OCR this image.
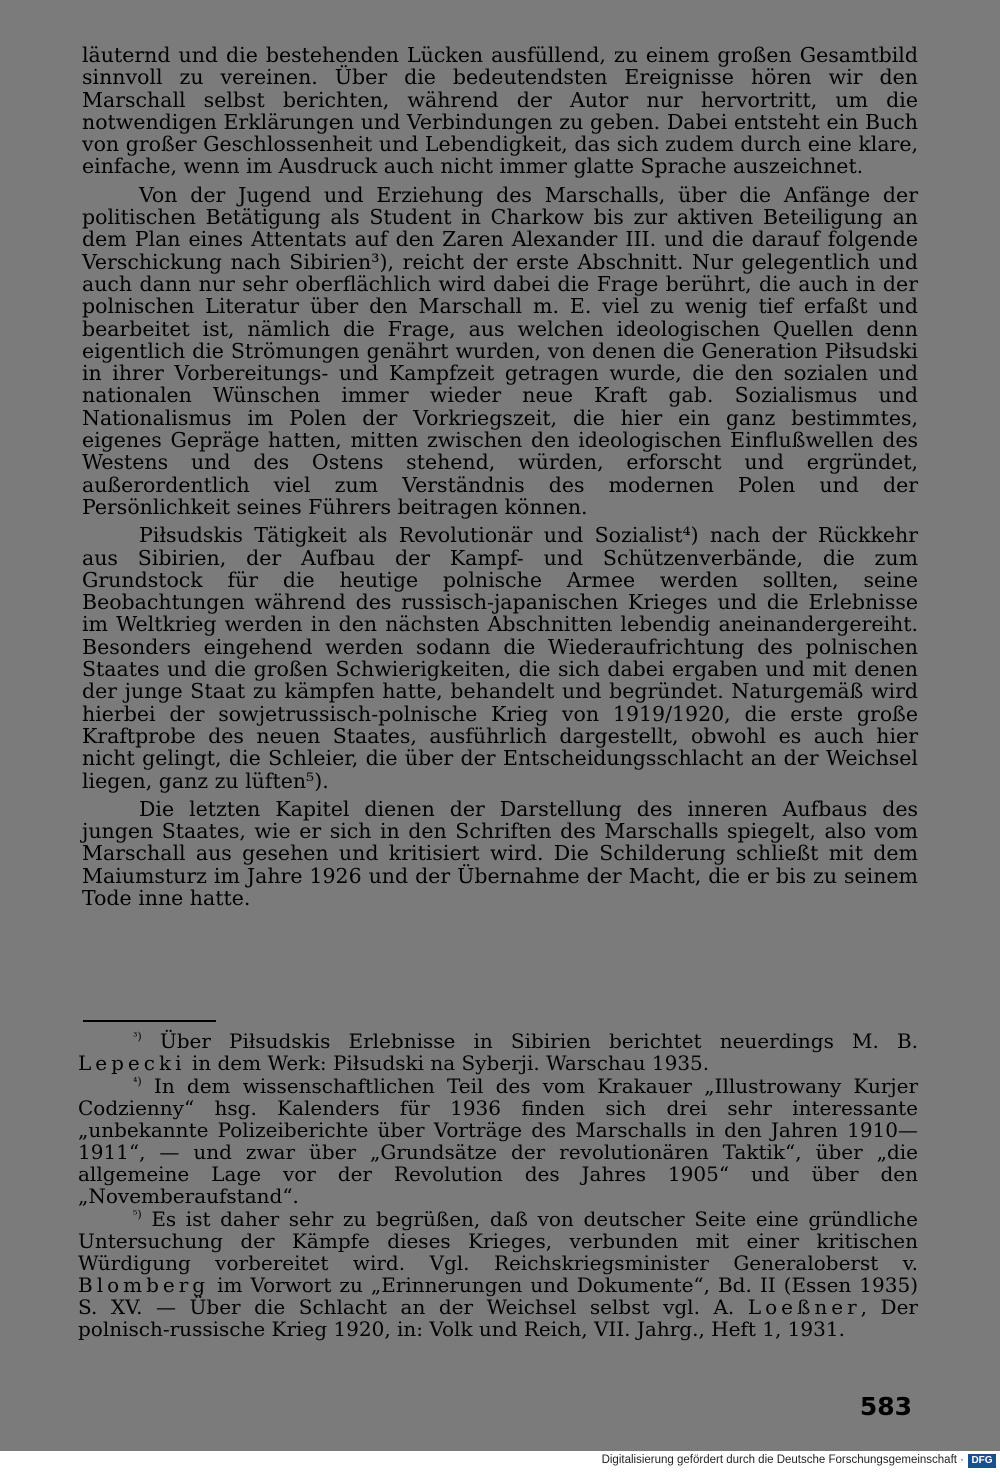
läuternd und die bestehenden Lücken ausfüllend, zu einem großen Gesamtbild sinnvoll zu vereinen. Über die bedeutendsten Ereignisse hören wir den Marschall selbst berichten, während der Autor nur hervortritt, um die notwendigen Erklärungen und Verbindungen zu geben. Dabei entsteht ein Buch von großer Geschlossenheit und Lebendigkeit, das sich zudem durch eine klare, einfache, wenn im Ausdruck auch nicht immer glatte Sprache auszeichnet.

Von der Jugend und Erziehung des Marschalls, über die Anfänge der politischen Betätigung als Student in Charkow bis zur aktiven Beteiligung an dem Plan eines Attentats auf den Zaren Alexander III. und die darauf folgende Verschickung nach Sibirien³), reicht der erste Abschnitt. Nur gelegentlich und auch dann nur sehr oberflächlich wird dabei die Frage berührt, die auch in der polnischen Literatur über den Marschall m. E. viel zu wenig tief erfaßt und bearbeitet ist, nämlich die Frage, aus welchen ideologischen Quellen denn eigentlich die Strömungen genährt wurden, von denen die Generation Piłsudski in ihrer Vorbereitungs- und Kampfzeit getragen wurde, die den sozialen und nationalen Wünschen immer wieder neue Kraft gab. Sozialismus und Nationalismus im Polen der Vorkriegszeit, die hier ein ganz bestimmtes, eigenes Gepräge hatten, mitten zwischen den ideologischen Einflußwellen des Westens und des Ostens stehend, würden, erforscht und ergründet, außerordentlich viel zum Verständnis des modernen Polen und der Persönlichkeit seines Führers beitragen können.

Piłsudskis Tätigkeit als Revolutionär und Sozialist⁴) nach der Rückkehr aus Sibirien, der Aufbau der Kampf- und Schützenverbände, die zum Grundstock für die heutige polnische Armee werden sollten, seine Beobachtungen während des russisch-japanischen Krieges und die Erlebnisse im Weltkrieg werden in den nächsten Abschnitten lebendig aneinandergereiht. Besonders eingehend werden sodann die Wiederaufrichtung des polnischen Staates und die großen Schwierigkeiten, die sich dabei ergaben und mit denen der junge Staat zu kämpfen hatte, behandelt und begründet. Naturgemäß wird hierbei der sowjetrussisch-polnische Krieg von 1919/1920, die erste große Kraftprobe des neuen Staates, ausführlich dargestellt, obwohl es auch hier nicht gelingt, die Schleier, die über der Entscheidungsschlacht an der Weichsel liegen, ganz zu lüften⁵).

Die letzten Kapitel dienen der Darstellung des inneren Aufbaus des jungen Staates, wie er sich in den Schriften des Marschalls spiegelt, also vom Marschall aus gesehen und kritisiert wird. Die Schilderung schließt mit dem Maiumsturz im Jahre 1926 und der Übernahme der Macht, die er bis zu seinem Tode inne hatte.

$^{^3)}$ Über Piłsudskis Erlebnisse in Sibirien berichtet neuerdings M. B. Lepecki in dem Werk: Piłsudski na Syberji. Warschau 1935.

$^{^4)}$ In dem wissenschaftlichen Teil des vom Krakauer „Illustrowany Kurjer Codzienny“ hsg. Kalenders für 1936 finden sich drei sehr interessante „unbekannte Polizeiberichte über Vorträge des Marschalls in den Jahren 1910—1911“, — und zwar über „Grundsätze der revolutionären Taktik“, über „die allgemeine Lage vor der Revolution des Jahres 1905“ und über den „Novemberaufstand“.

$^{^5)}$ Es ist daher sehr zu begrüßen, daß von deutscher Seite eine gründliche Untersuchung der Kämpfe dieses Krieges, verbunden mit einer kritischen Würdigung vorbereitet wird. Vgl. Reichskriegsminister Generaloberst v. Blomberg im Vorwort zu „Erinnerungen und Dokumente“, Bd. II (Essen 1935) S. XV. — Über die Schlacht an der Weichsel selbst vgl. A. Loeßner, Der polnisch-russische Krieg 1920, in: Volk und Reich, VII. Jahrg., Heft 1, 1931.

583
Digitalisierung gefördert durch die Deutsche Forschungsgemeinschaft · DFG
